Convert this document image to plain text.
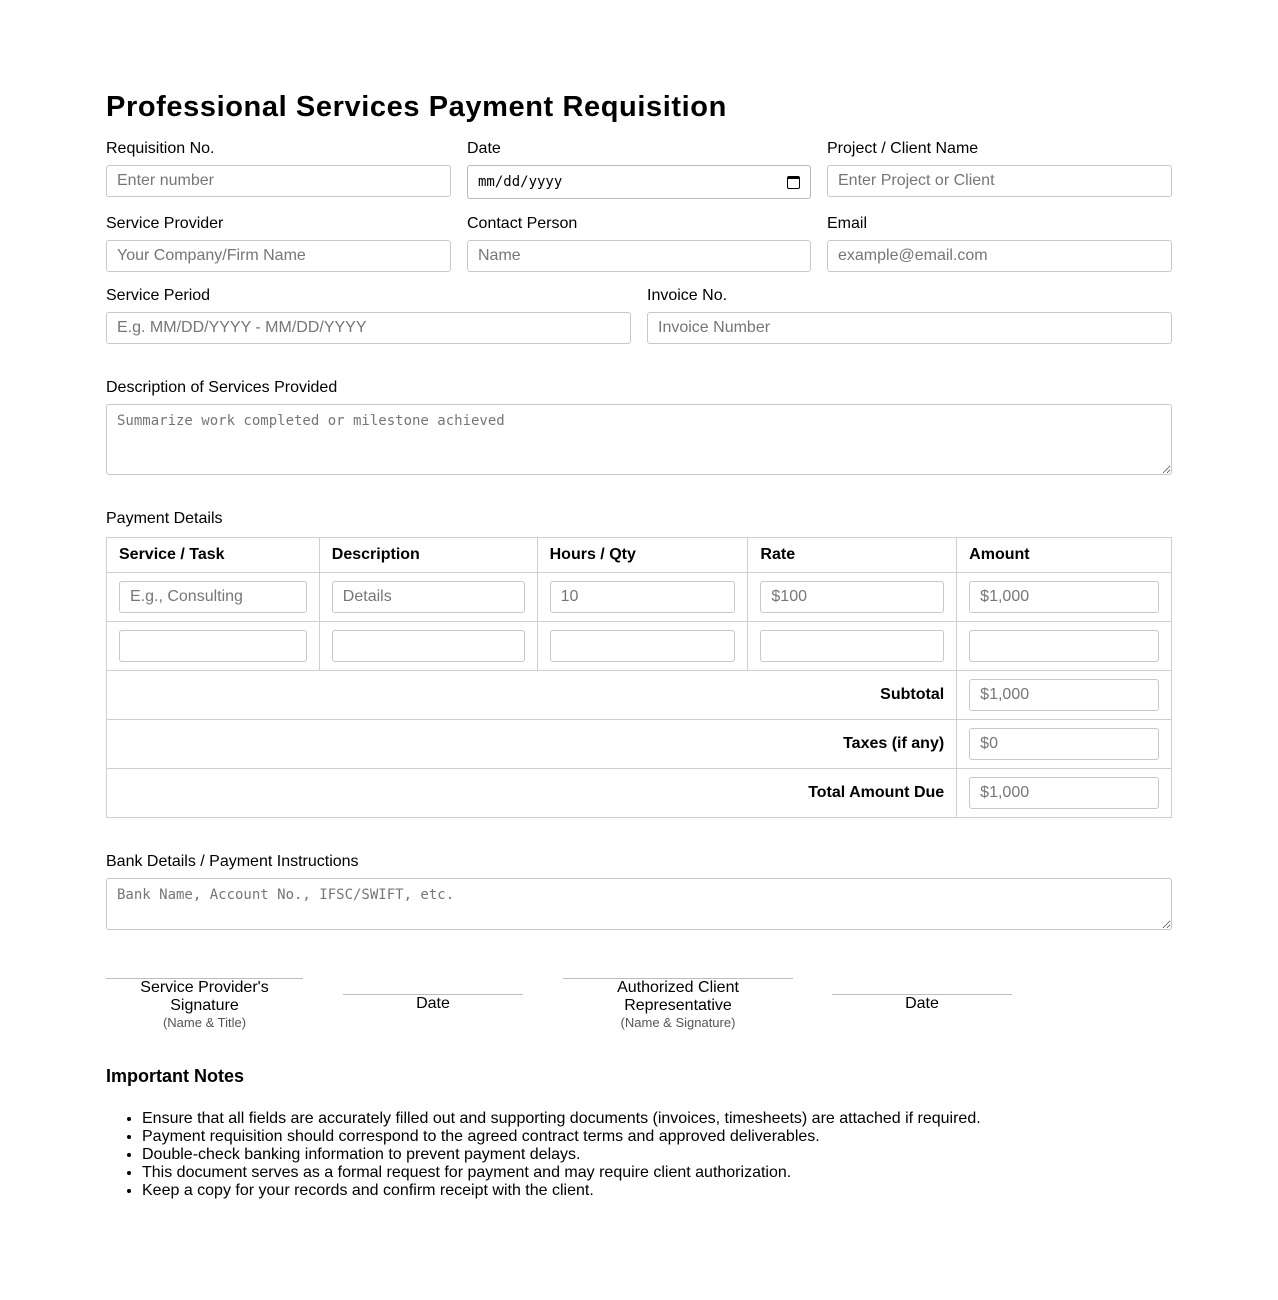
Professional Services Payment Requisition
Requisition No.
Enter number	Date
mm/dd/yyyy
Project / Client Name
Enter Project or Client
Service Provider
Your Company/Firm Name	Contact Person
Name	Email
example@email.com
Service Period
E.g. MM/DD/YYYY - MM/DD/YYYY	Invoice No.
Invoice Number
Description of Services Provided
Summarize work completed or milestone achieved
Payment Details
Service / Task	Description	Hours / Qty	Rate	Amount
E.g., Consulting	Details	10	$100	$1,000

Subtotal	$1,000
Taxes (if any)	$0
Total Amount Due	$1,000
Bank Details / Payment Instructions
Bank Name, Account No., IFSC/SWIFT, etc.
Service Provider's Signature
(Name & Title)
Date
Authorized Client Representative
(Name & Signature)
Date
Important Notes
• Ensure that all fields are accurately filled out and supporting documents (invoices, timesheets) are attached if required.
• Payment requisition should correspond to the agreed contract terms and approved deliverables.
• Double-check banking information to prevent payment delays.
• This document serves as a formal request for payment and may require client authorization.
• Keep a copy for your records and confirm receipt with the client.
